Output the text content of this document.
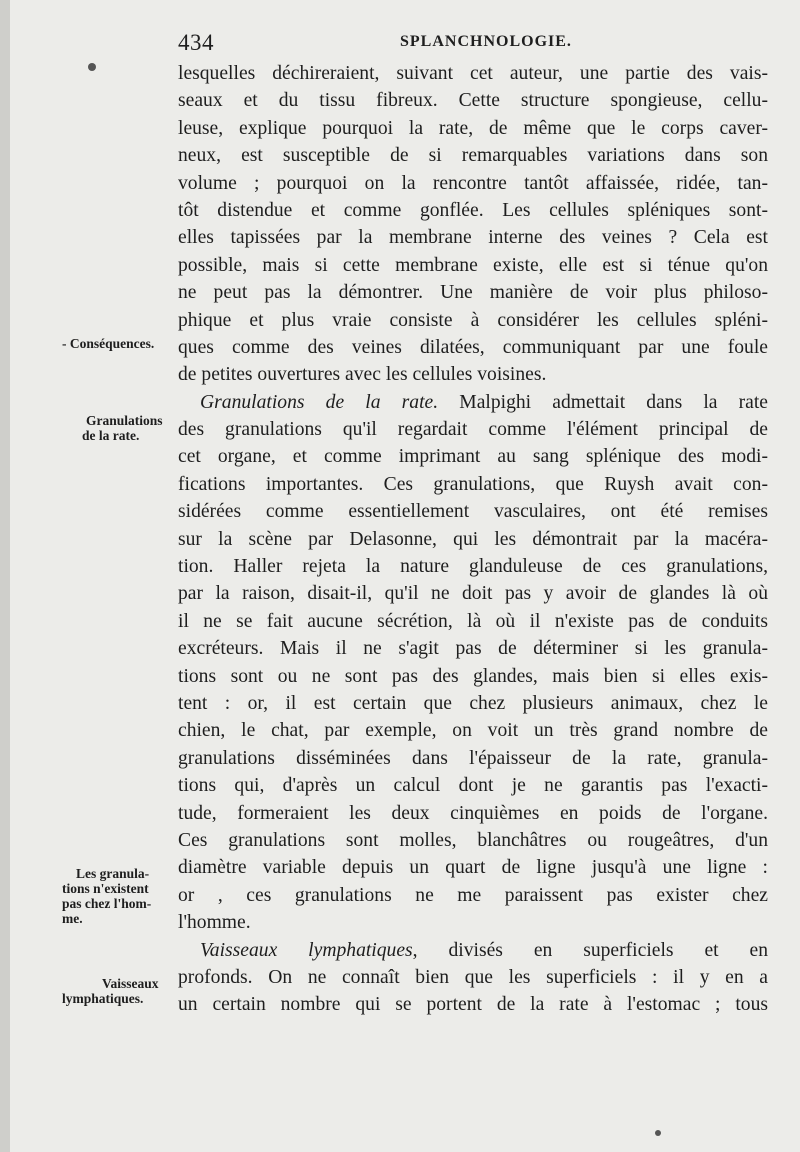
434	SPLANCHNOLOGIE.
- Conséquences.
Granulations
de la rate.
Les granula-
tions n'existent
pas chez l'hom-
me.
Vaisseaux
lymphatiques.
lesquelles déchireraient, suivant cet auteur, une partie des vais-
seaux et du tissu fibreux. Cette structure spongieuse, cellu-
leuse, explique pourquoi la rate, de même que le corps caver-
neux, est susceptible de si remarquables variations dans son
volume ; pourquoi on la rencontre tantôt affaissée, ridée, tan-
tôt distendue et comme gonflée. Les cellules spléniques sont-
elles tapissées par la membrane interne des veines ? Cela est
possible, mais si cette membrane existe, elle est si ténue qu'on
ne peut pas la démontrer. Une manière de voir plus philoso-
phique et plus vraie consiste à considérer les cellules spléni-
ques comme des veines dilatées, communiquant par une foule
de petites ouvertures avec les cellules voisines.
Granulations de la rate. Malpighi admettait dans la rate
des granulations qu'il regardait comme l'élément principal de
cet organe, et comme imprimant au sang splénique des modi-
fications importantes. Ces granulations, que Ruysh avait con-
sidérées comme essentiellement vasculaires, ont été remises
sur la scène par Delasonne, qui les démontrait par la macéra-
tion. Haller rejeta la nature glanduleuse de ces granulations,
par la raison, disait-il, qu'il ne doit pas y avoir de glandes là où
il ne se fait aucune sécrétion, là où il n'existe pas de conduits
excréteurs. Mais il ne s'agit pas de déterminer si les granula-
tions sont ou ne sont pas des glandes, mais bien si elles exis-
tent : or, il est certain que chez plusieurs animaux, chez le
chien, le chat, par exemple, on voit un très grand nombre de
granulations disséminées dans l'épaisseur de la rate, granula-
tions qui, d'après un calcul dont je ne garantis pas l'exacti-
tude, formeraient les deux cinquièmes en poids de l'organe.
Ces granulations sont molles, blanchâtres ou rougeâtres, d'un
diamètre variable depuis un quart de ligne jusqu'à une ligne :
or , ces granulations ne me paraissent pas exister chez
l'homme.
Vaisseaux lymphatiques, divisés en superficiels et en
profonds. On ne connaît bien que les superficiels : il y en a
un certain nombre qui se portent de la rate à l'estomac ; tous
